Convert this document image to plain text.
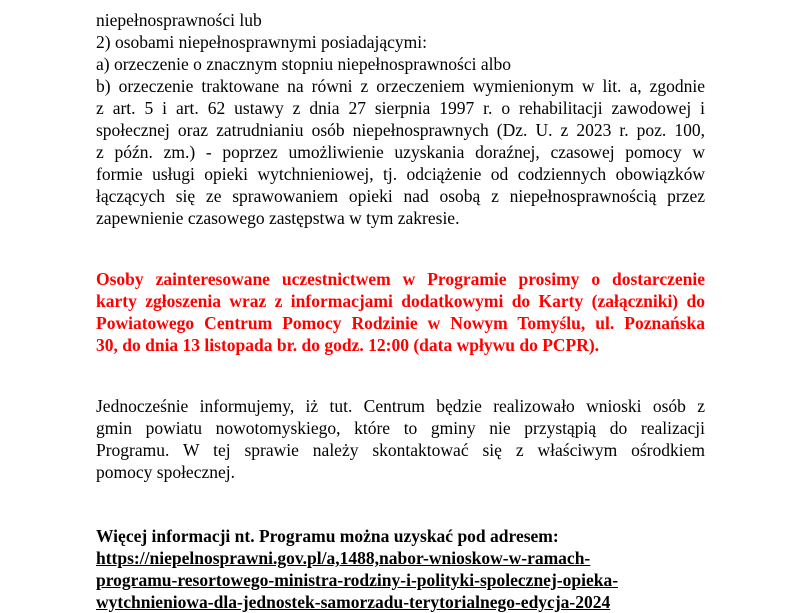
niepełnosprawności lub
2) osobami niepełnosprawnymi posiadającymi:
a) orzeczenie o znacznym stopniu niepełnosprawności albo
b) orzeczenie traktowane na równi z orzeczeniem wymienionym w lit. a, zgodnie
z art. 5 i art. 62 ustawy z dnia 27 sierpnia 1997 r. o rehabilitacji zawodowej i
społecznej oraz zatrudnianiu osób niepełnosprawnych (Dz. U. z 2023 r. poz. 100,
z późn. zm.) - poprzez umożliwienie uzyskania doraźnej, czasowej pomocy w
formie usługi opieki wytchnieniowej, tj. odciążenie od codziennych obowiązków
łączących się ze sprawowaniem opieki nad osobą z niepełnosprawnością przez
zapewnienie czasowego zastępstwa w tym zakresie.
Osoby zainteresowane uczestnictwem w Programie prosimy o dostarczenie
karty zgłoszenia wraz z informacjami dodatkowymi do Karty (załączniki) do
Powiatowego Centrum Pomocy Rodzinie w Nowym Tomyślu, ul. Poznańska
30, do dnia 13 listopada br. do godz. 12:00 (data wpływu do PCPR).
Jednocześnie informujemy, iż tut. Centrum będzie realizowało wnioski osób z
gmin powiatu nowotomyskiego, które to gminy nie przystąpią do realizacji
Programu. W tej sprawie należy skontaktować się z właściwym ośrodkiem
pomocy społecznej.
Więcej informacji nt. Programu można uzyskać pod adresem:
https://niepelnosprawni.gov.pl/a,1488,nabor-wnioskow-w-ramach-
programu-resortowego-ministra-rodziny-i-polityki-spolecznej-opieka-
wytchnieniowa-dla-jednostek-samorzadu-terytorialnego-edycja-2024
